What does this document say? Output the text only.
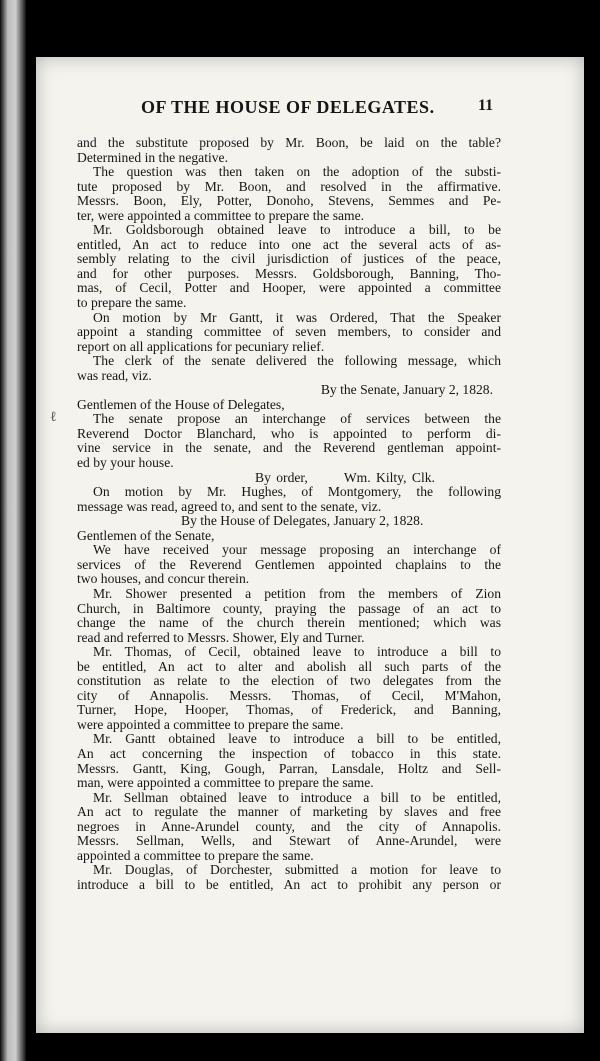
OF THE HOUSE OF DELEGATES.	11
ℓ
and the substitute proposed by Mr. Boon, be laid on the table?
Determined in the negative.
The question was then taken on the adoption of the substi-
tute proposed by Mr. Boon, and resolved in the affirmative.
Messrs. Boon, Ely, Potter, Donoho, Stevens, Semmes and Pe-
ter, were appointed a committee to prepare the same.
Mr. Goldsborough obtained leave to introduce a bill, to be
entitled, An act to reduce into one act the several acts of as-
sembly relating to the civil jurisdiction of justices of the peace,
and for other purposes. Messrs. Goldsborough, Banning, Tho-
mas, of Cecil, Potter and Hooper, were appointed a committee
to prepare the same.
On motion by Mr Gantt, it was Ordered, That the Speaker
appoint a standing committee of seven members, to consider and
report on all applications for pecuniary relief.
The clerk of the senate delivered the following message, which
was read, viz.
By the Senate, January 2, 1828.
Gentlemen of the House of Delegates,
The senate propose an interchange of services between the
Reverend Doctor Blanchard, who is appointed to perform di-
vine service in the senate, and the Reverend gentleman appoint-
ed by your house.
By order,	Wm. Kilty, Clk.
On motion by Mr. Hughes, of Montgomery, the following
message was read, agreed to, and sent to the senate, viz.
By the House of Delegates, January 2, 1828.
Gentlemen of the Senate,
We have received your message proposing an interchange of
services of the Reverend Gentlemen appointed chaplains to the
two houses, and concur therein.
Mr. Shower presented a petition from the members of Zion
Church, in Baltimore county, praying the passage of an act to
change the name of the church therein mentioned; which was
read and referred to Messrs. Shower, Ely and Turner.
Mr. Thomas, of Cecil, obtained leave to introduce a bill to
be entitled, An act to alter and abolish all such parts of the
constitution as relate to the election of two delegates from the
city of Annapolis. Messrs. Thomas, of Cecil, M'Mahon,
Turner, Hope, Hooper, Thomas, of Frederick, and Banning,
were appointed a committee to prepare the same.
Mr. Gantt obtained leave to introduce a bill to be entitled,
An act concerning the inspection of tobacco in this state.
Messrs. Gantt, King, Gough, Parran, Lansdale, Holtz and Sell-
man, were appointed a committee to prepare the same.
Mr. Sellman obtained leave to introduce a bill to be entitled,
An act to regulate the manner of marketing by slaves and free
negroes in Anne-Arundel county, and the city of Annapolis.
Messrs. Sellman, Wells, and Stewart of Anne-Arundel, were
appointed a committee to prepare the same.
Mr. Douglas, of Dorchester, submitted a motion for leave to
introduce a bill to be entitled, An act to prohibit any person or
